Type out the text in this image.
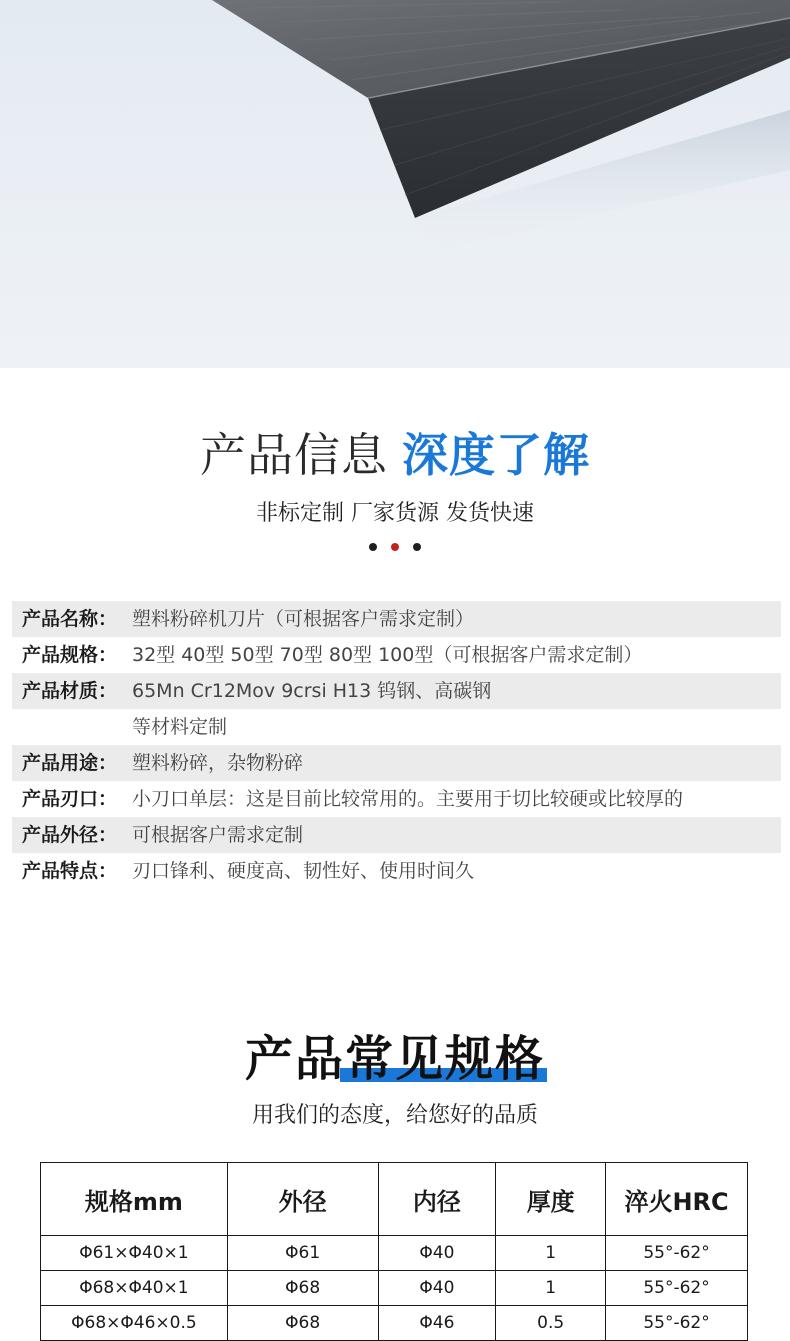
产品信息 深度了解
非标定制 厂家货源 发货快速
产品名称： 塑料粉碎机刀片（可根据客户需求定制）
产品规格： 32型 40型 50型 70型 80型 100型（可根据客户需求定制）
产品材质： 65Mn Cr12Mov 9crsi H13 钨钢、高碳钢
等材料定制
产品用途： 塑料粉碎，杂物粉碎
产品刃口： 小刀口单层：这是目前比较常用的。主要用于切比较硬或比较厚的
产品外径： 可根据客户需求定制
产品特点： 刃口锋利、硬度高、韧性好、使用时间久
产品常见规格
用我们的态度，给您好的品质
规格mm	外径	内径	厚度	淬火HRC
Φ61×Φ40×1	Φ61	Φ40	1	55°-62°
Φ68×Φ40×1	Φ68	Φ40	1	55°-62°
Φ68×Φ46×0.5	Φ68	Φ46	0.5	55°-62°
